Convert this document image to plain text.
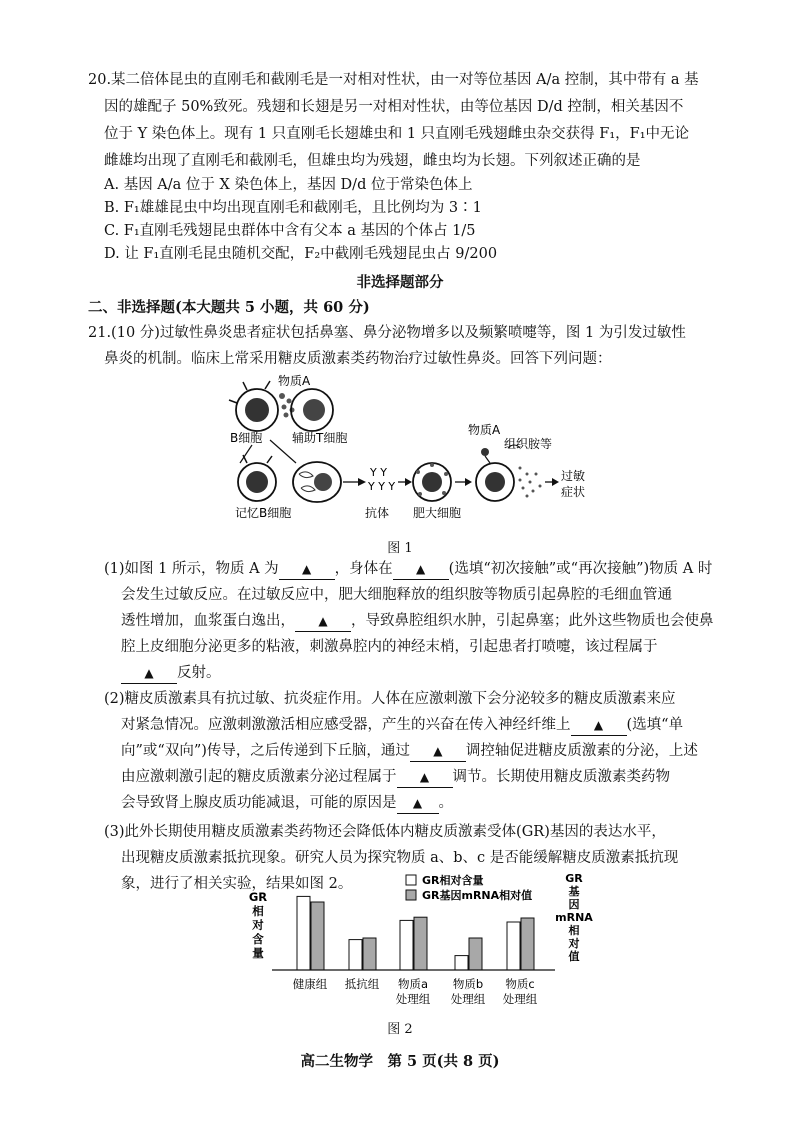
20.某二倍体昆虫的直刚毛和截刚毛是一对相对性状，由一对等位基因 A/a 控制，其中带有 a 基
因的雄配子 50%致死。残翅和长翅是另一对相对性状，由等位基因 D/d 控制，相关基因不
位于 Y 染色体上。现有 1 只直刚毛长翅雄虫和 1 只直刚毛残翅雌虫杂交获得 F₁，F₁中无论
雌雄均出现了直刚毛和截刚毛，但雄虫均为残翅，雌虫均为长翅。下列叙述正确的是
A. 基因 A/a 位于 X 染色体上，基因 D/d 位于常染色体上
B. F₁雄雄昆虫中均出现直刚毛和截刚毛，且比例均为 3∶1
C. F₁直刚毛残翅昆虫群体中含有父本 a 基因的个体占 1/5
D. 让 F₁直刚毛昆虫随机交配，F₂中截刚毛残翅昆虫占 9/200
非选择题部分
二、非选择题(本大题共 5 小题，共 60 分)
21.(10 分)过敏性鼻炎患者症状包括鼻塞、鼻分泌物增多以及频繁喷嚏等，图 1 为引发过敏性
鼻炎的机制。临床上常采用糖皮质激素类药物治疗过敏性鼻炎。回答下列问题：
物质A
B细胞 辅助T细胞
记忆B细胞
Y Y
Y Y Y
抗体 肥大细胞
物质A
组织胺等
过敏
症状
图 1
(1)如图 1 所示，物质 A 为 ▲ ，身体在 ▲ (选填“初次接触”或“再次接触”)物质 A 时
会发生过敏反应。在过敏反应中，肥大细胞释放的组织胺等物质引起鼻腔的毛细血管通
透性增加，血浆蛋白逸出， ▲ ，导致鼻腔组织水肿，引起鼻塞；此外这些物质也会使鼻
腔上皮细胞分泌更多的粘液，刺激鼻腔内的神经末梢，引起患者打喷嚏，该过程属于
▲ 反射。
(2)糖皮质激素具有抗过敏、抗炎症作用。人体在应激刺激下会分泌较多的糖皮质激素来应
对紧急情况。应激刺激激活相应感受器，产生的兴奋在传入神经纤维上 ▲ (选填“单
向”或“双向”)传导，之后传递到下丘脑，通过 ▲ 调控轴促进糖皮质激素的分泌，上述
由应激刺激引起的糖皮质激素分泌过程属于 ▲ 调节。长期使用糖皮质激素类药物
会导致肾上腺皮质功能减退，可能的原因是 ▲ 。
(3)此外长期使用糖皮质激素类药物还会降低体内糖皮质激素受体(GR)基因的表达水平，
出现糖皮质激素抵抗现象。研究人员为探究物质 a、b、c 是否能缓解糖皮质激素抵抗现
象，进行了相关实验，结果如图 2。
GR
相
对
含
量
GR
基
因
mRNA
相
对
值
GR相对含量
GR基因mRNA相对值
健康组 抵抗组 物质a
处理组
物质b
处理组
物质c
处理组
图 2
高二生物学　第 5 页(共 8 页)
